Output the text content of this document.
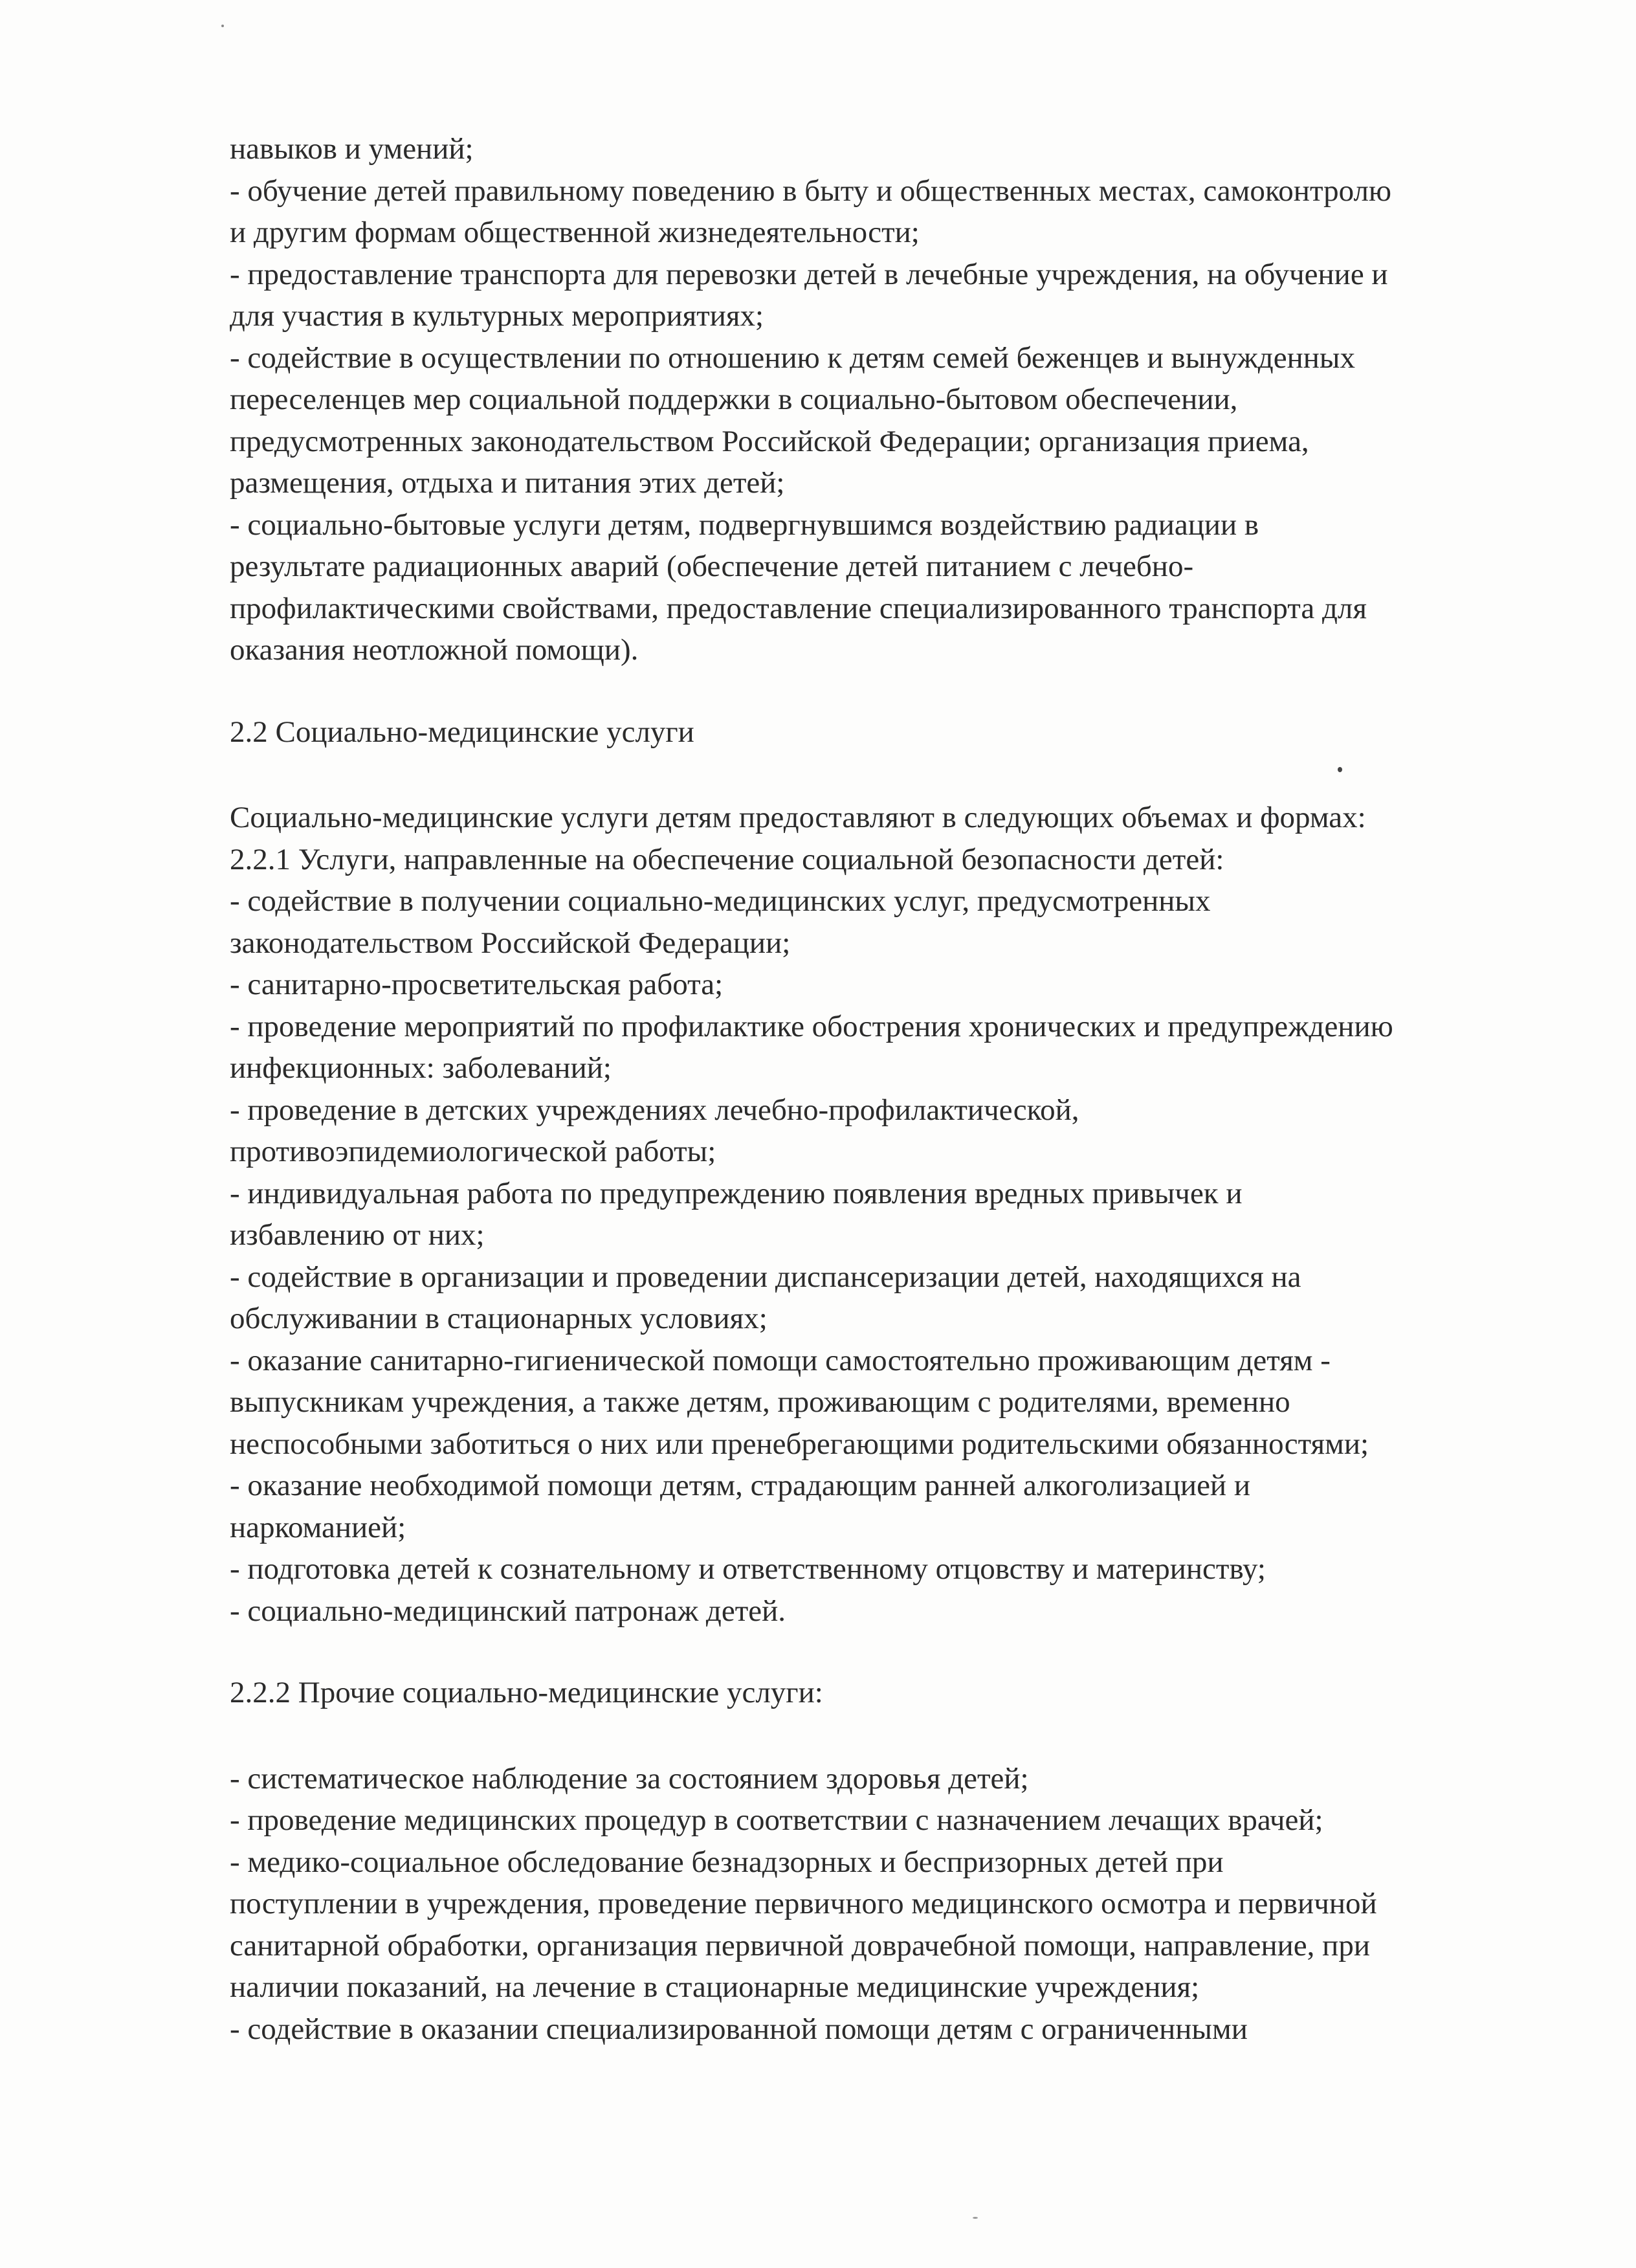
навыков и умений;
- обучение детей правильному поведению в быту и общественных местах, самоконтролю
и другим формам общественной жизнедеятельности;
- предоставление транспорта для перевозки детей в лечебные учреждения, на обучение и
для участия в культурных мероприятиях;
- содействие в осуществлении по отношению к детям семей беженцев и вынужденных
переселенцев мер социальной поддержки в социально-бытовом обеспечении,
предусмотренных законодательством Российской Федерации; организация приема,
размещения, отдыха и питания этих детей;
- социально-бытовые услуги детям, подвергнувшимся воздействию радиации в
результате радиационных аварий (обеспечение детей питанием с лечебно-
профилактическими свойствами, предоставление специализированного транспорта для
оказания неотложной помощи).
2.2 Социально-медицинские услуги
Социально-медицинские услуги детям предоставляют в следующих объемах и формах:
2.2.1 Услуги, направленные на обеспечение социальной безопасности детей:
- содействие в получении социально-медицинских услуг, предусмотренных
законодательством Российской Федерации;
- санитарно-просветительская работа;
- проведение мероприятий по профилактике обострения хронических и предупреждению
инфекционных: заболеваний;
- проведение в детских учреждениях лечебно-профилактической,
противоэпидемиологической работы;
- индивидуальная работа по предупреждению появления вредных привычек и
избавлению от них;
- содействие в организации и проведении диспансеризации детей, находящихся на
обслуживании в стационарных условиях;
- оказание санитарно-гигиенической помощи самостоятельно проживающим детям -
выпускникам учреждения, а также детям, проживающим с родителями, временно
неспособными заботиться о них или пренебрегающими родительскими обязанностями;
- оказание необходимой помощи детям, страдающим ранней алкоголизацией и
наркоманией;
- подготовка детей к сознательному и ответственному отцовству и материнству;
- социально-медицинский патронаж детей.
2.2.2 Прочие социально-медицинские услуги:
- систематическое наблюдение за состоянием здоровья детей;
- проведение медицинских процедур в соответствии с назначением лечащих врачей;
- медико-социальное обследование безнадзорных и беспризорных детей при
поступлении в учреждения, проведение первичного медицинского осмотра и первичной
санитарной обработки, организация первичной доврачебной помощи, направление, при
наличии показаний, на лечение в стационарные медицинские учреждения;
- содействие в оказании специализированной помощи детям с ограниченными
